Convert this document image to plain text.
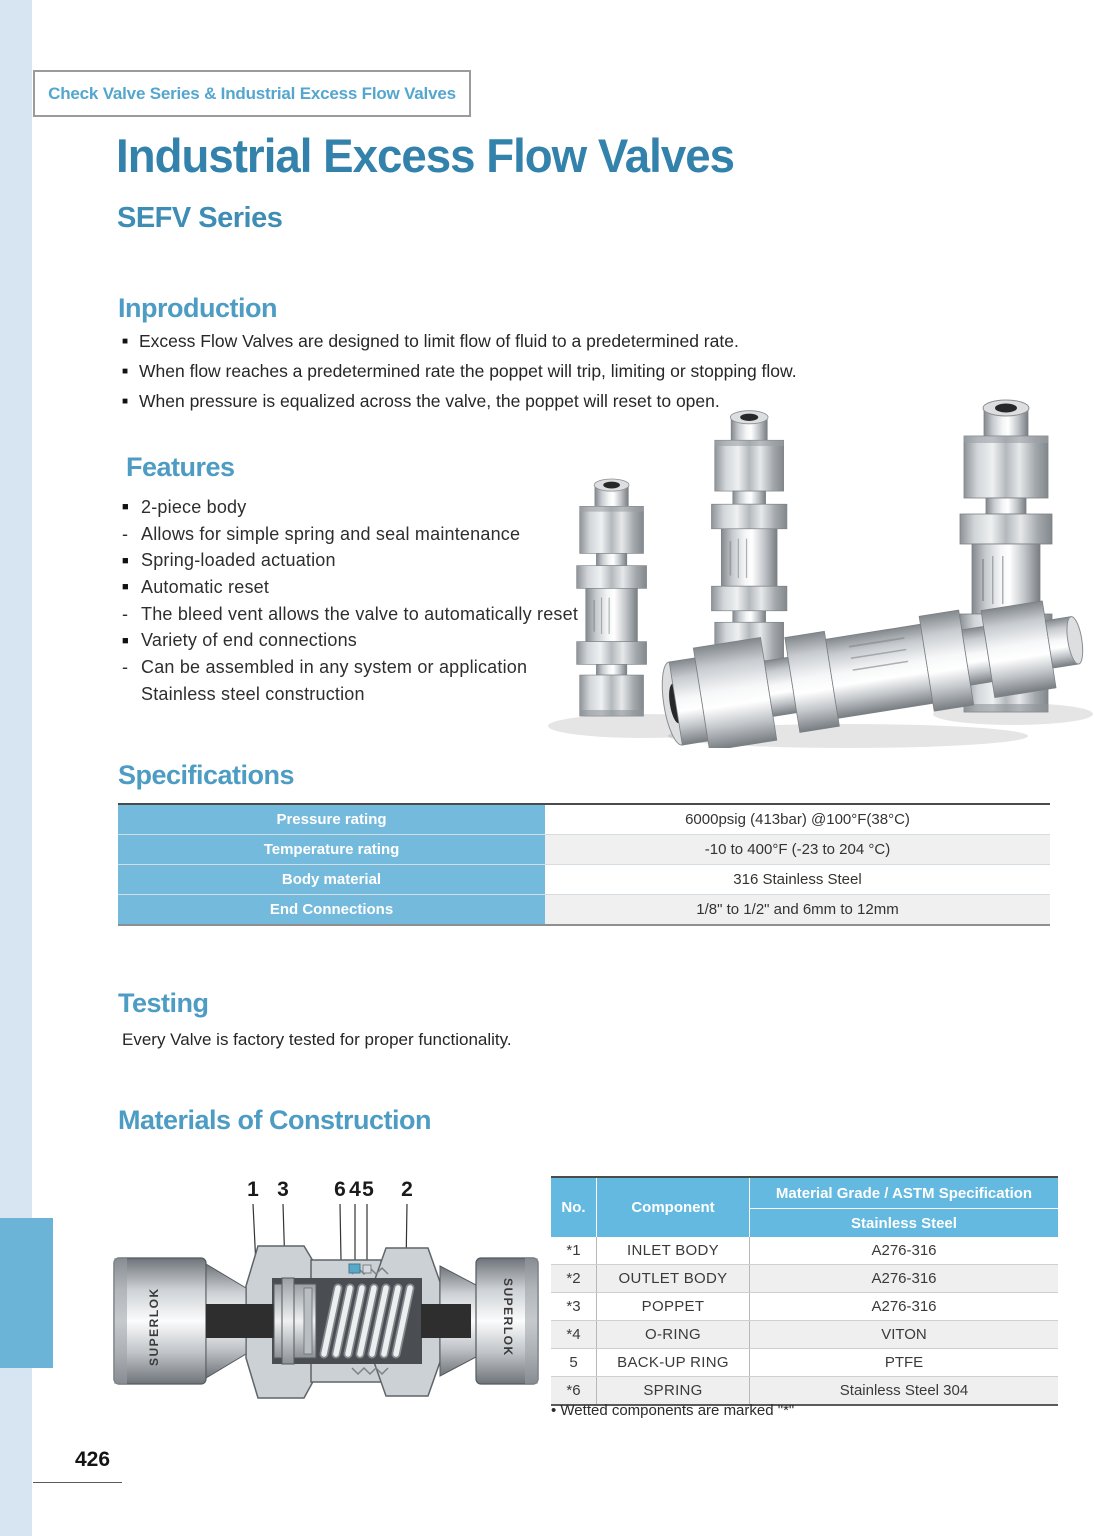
Check Valve Series & Industrial Excess Flow Valves
Industrial Excess Flow Valves
SEFV Series
Inproduction
■ Excess Flow Valves are designed to limit flow of fluid to a predetermined rate.
■ When flow reaches a predetermined rate the poppet will trip, limiting or stopping flow.
■ When pressure is equalized across the valve, the poppet will reset to open.
Features
■ 2-piece body
- Allows for simple spring and seal maintenance
■ Spring-loaded actuation
■ Automatic reset
- The bleed vent allows the valve to automatically reset
■ Variety of end connections
- Can be assembled in any system or application
Stainless steel construction
Specifications
Pressure rating	6000psig (413bar) @100°F(38°C)
Temperature rating	-10 to 400°F (-23 to 204 °C)
Body material	316 Stainless Steel
End Connections	1/8" to 1/2" and 6mm to 12mm
Testing
Every Valve is factory tested for proper functionality.
Materials of Construction
SUPERLOK	SUPERLOK
1 3 6 4 5 2
No.	Component
Material Grade / ASTM Specification
Stainless Steel
*1	INLET BODY	A276-316
*2	OUTLET BODY	A276-316
*3	POPPET	A276-316
*4	O-RING	VITON
5	BACK-UP RING	PTFE
*6	SPRING	Stainless Steel 304
• Wetted components are marked "*"
426
